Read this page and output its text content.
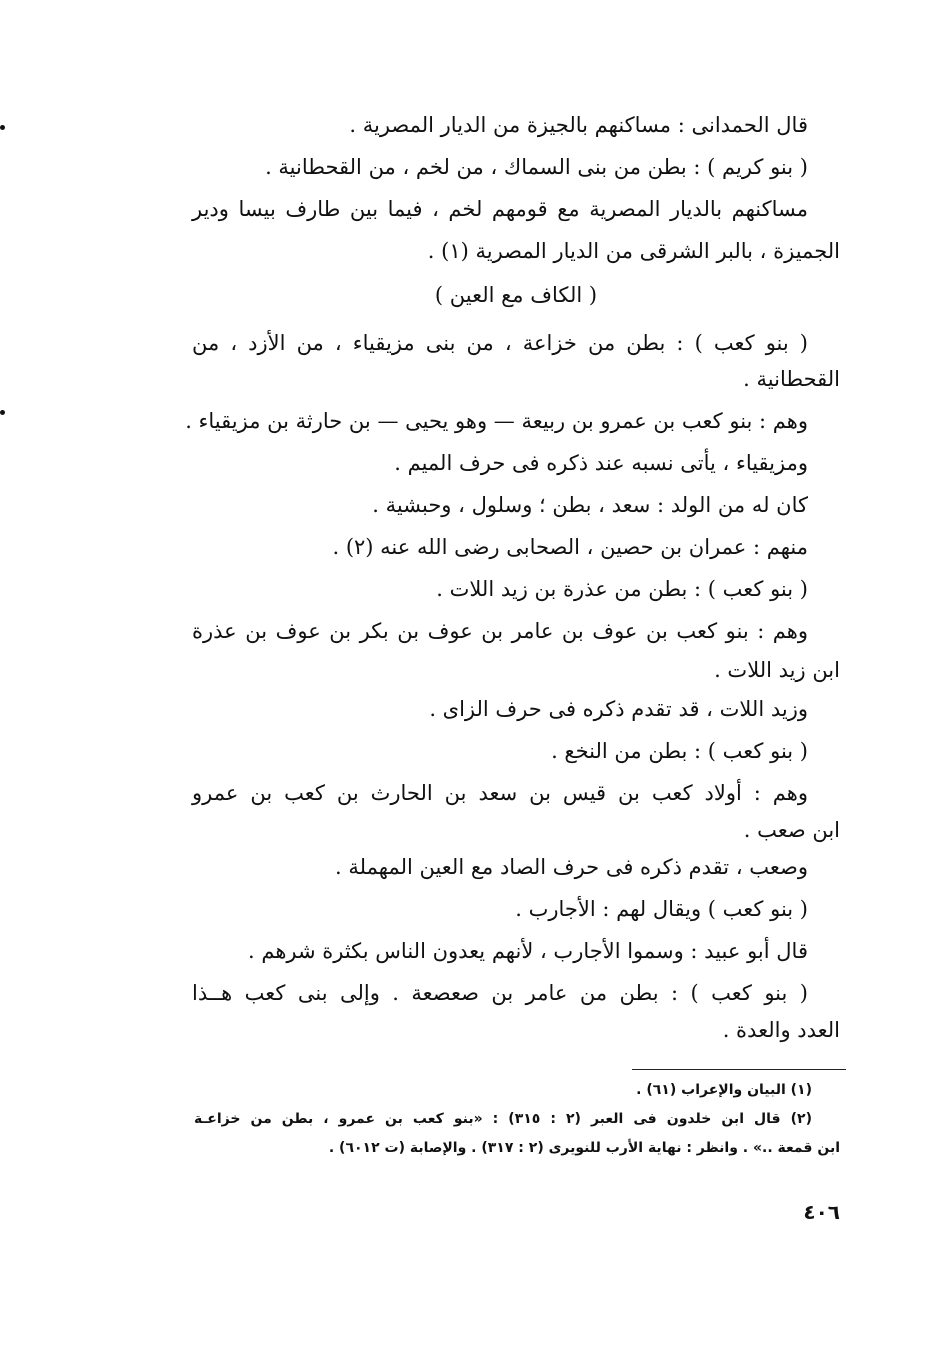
قال الحمدانى : مساكنهم بالجيزة من الديار المصرية .
( بنو كريم ) : بطن من بنى السماك ، من لخم ، من القحطانية .
مساكنهم بالديار المصرية مع قومهم لخم ، فيما بين طارف بيسا ودير
الجميزة ، بالبر الشرقى من الديار المصرية (١) .
( الكاف مع العين )
( بنو كعب ) : بطن من خزاعة ، من بنى مزيقياء ، من الأزد ، من
القحطانية .
وهم : بنو كعب بن عمرو بن ربيعة — وهو يحيى — بن حارثة بن مزيقياء .
ومزيقياء ، يأتى نسبه عند ذكره فى حرف الميم .
كان له من الولد : سعد ، بطن ؛ وسلول ، وحبشية .
منهم : عمران بن حصين ، الصحابى رضى الله عنه (٢) .
( بنو كعب ) : بطن من عذرة بن زيد اللات .
وهم : بنو كعب بن عوف بن عامر بن عوف بن بكر بن عوف بن عذرة
ابن زيد اللات .
وزيد اللات ، قد تقدم ذكره فى حرف الزاى .
( بنو كعب ) : بطن من النخع .
وهم : أولاد كعب بن قيس بن سعد بن الحارث بن كعب بن عمرو
ابن صعب .
وصعب ، تقدم ذكره فى حرف الصاد مع العين المهملة .
( بنو كعب ) ويقال لهم : الأجارب .
قال أبو عبيد : وسموا الأجارب ، لأنهم يعدون الناس بكثرة شرهم .
( بنو كعب ) : بطن من عامر بن صعصعة . وإلى بنى كعب هــذا
العدد والعدة .
(١) البيان والإعراب (٦١) .
(٢) قال ابن خلدون فى العبر (٢ : ٣١٥) : «بنو كعب بن عمرو ، بطن من خزاعـة
ابن قمعة ..» . وانظر : نهاية الأرب للنويرى (٢ : ٣١٧) . والإصابة (ت ٦٠١٢) .
٤٠٦
